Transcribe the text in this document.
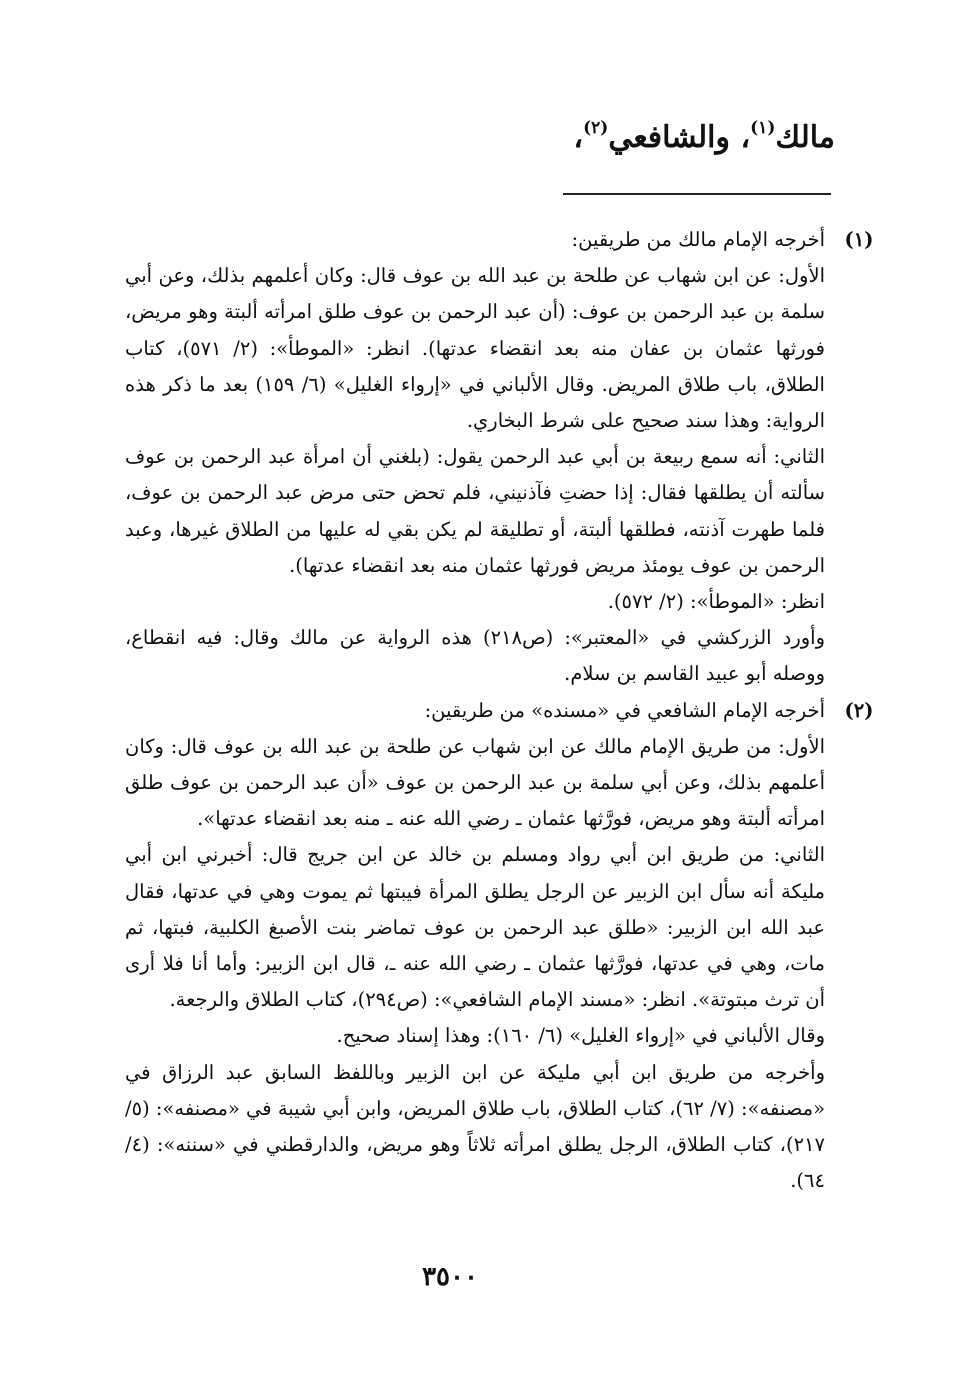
مالك$^{(١)}$، والشافعي$^{(٢)}$،
(١)

أخرجه الإمام مالك من طريقين:

الأول: عن ابن شهاب عن طلحة بن عبد الله بن عوف قال: وكان أعلمهم بذلك، وعن أبي سلمة بن عبد الرحمن بن عوف: (أن عبد الرحمن بن عوف طلق امرأته ألبتة وهو مريض، فورثها عثمان بن عفان منه بعد انقضاء عدتها). انظر: «الموطأ»: (٢/ ٥٧١)، كتاب الطلاق، باب طلاق المريض. وقال الألباني في «إرواء الغليل» (٦/ ١٥٩) بعد ما ذكر هذه الرواية: وهذا سند صحيح على شرط البخاري.

الثاني: أنه سمع ربيعة بن أبي عبد الرحمن يقول: (بلغني أن امرأة عبد الرحمن بن عوف سألته أن يطلقها فقال: إذا حضتِ فآذنيني، فلم تحض حتى مرض عبد الرحمن بن عوف، فلما طهرت آذنته، فطلقها ألبتة، أو تطليقة لم يكن بقي له عليها من الطلاق غيرها، وعبد الرحمن بن عوف يومئذ مريض فورثها عثمان منه بعد انقضاء عدتها).

انظر: «الموطأ»: (٢/ ٥٧٢).

وأورد الزركشي في «المعتبر»: (ص٢١٨) هذه الرواية عن مالك وقال: فيه انقطاع، ووصله أبو عبيد القاسم بن سلام.

(٢)

أخرجه الإمام الشافعي في «مسنده» من طريقين:

الأول: من طريق الإمام مالك عن ابن شهاب عن طلحة بن عبد الله بن عوف قال: وكان أعلمهم بذلك، وعن أبي سلمة بن عبد الرحمن بن عوف «أن عبد الرحمن بن عوف طلق امرأته ألبتة وهو مريض، فورَّثها عثمان ـ رضي الله عنه ـ منه بعد انقضاء عدتها».

الثاني: من طريق ابن أبي رواد ومسلم بن خالد عن ابن جريج قال: أخبرني ابن أبي مليكة أنه سأل ابن الزبير عن الرجل يطلق المرأة فيبتها ثم يموت وهي في عدتها، فقال عبد الله ابن الزبير: «طلق عبد الرحمن بن عوف تماضر بنت الأصبغ الكلبية، فبتها، ثم مات، وهي في عدتها، فورَّثها عثمان ـ رضي الله عنه ـ، قال ابن الزبير: وأما أنا فلا أرى أن ترث مبتوتة». انظر: «مسند الإمام الشافعي»: (ص٢٩٤)، كتاب الطلاق والرجعة.

وقال الألباني في «إرواء الغليل» (٦/ ١٦٠): وهذا إسناد صحيح.

وأخرجه من طريق ابن أبي مليكة عن ابن الزبير وباللفظ السابق عبد الرزاق في «مصنفه»: (٧/ ٦٢)، كتاب الطلاق، باب طلاق المريض، وابن أبي شيبة في «مصنفه»: (٥/ ٢١٧)، كتاب الطلاق، الرجل يطلق امرأته ثلاثاً وهو مريض، والدارقطني في «سننه»: (٤/ ٦٤).

٣٥٠٠
